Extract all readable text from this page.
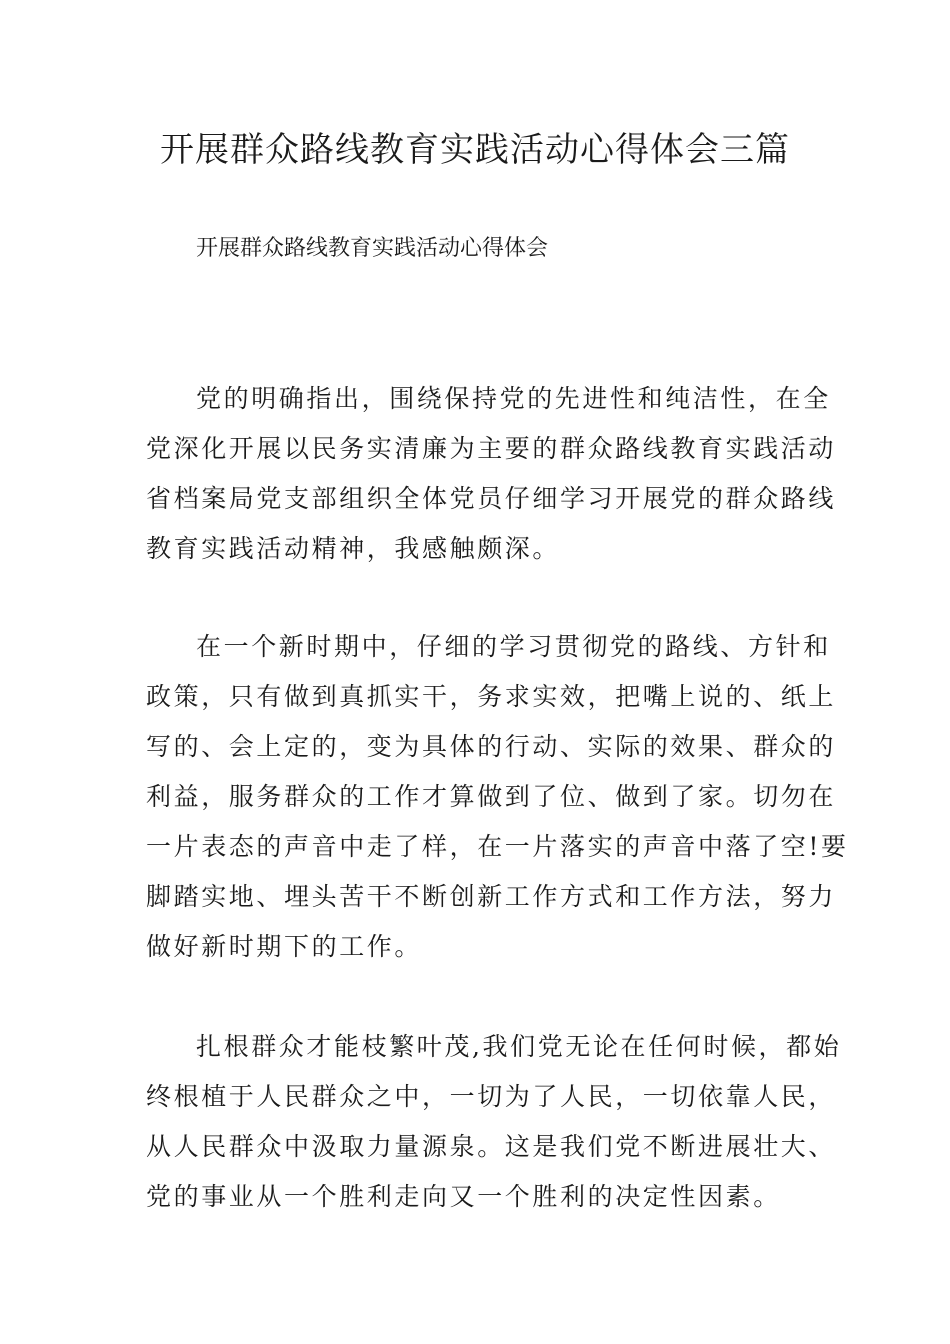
开展群众路线教育实践活动心得体会三篇

开展群众路线教育实践活动心得体会

党的明确指出，围绕保持党的先进性和纯洁性，在全
党深化开展以民务实清廉为主要的群众路线教育实践活动
省档案局党支部组织全体党员仔细学习开展党的群众路线
教育实践活动精神，我感触颇深。
在一个新时期中，仔细的学习贯彻党的路线、方针和
政策，只有做到真抓实干，务求实效，把嘴上说的、纸上
写的、会上定的，变为具体的行动、实际的效果、群众的
利益，服务群众的工作才算做到了位、做到了家。切勿在
一片表态的声音中走了样，在一片落实的声音中落了空!要
脚踏实地、埋头苦干不断创新工作方式和工作方法，努力
做好新时期下的工作。
扎根群众才能枝繁叶茂,我们党无论在任何时候，都始
终根植于人民群众之中，一切为了人民，一切依靠人民，
从人民群众中汲取力量源泉。这是我们党不断进展壮大、
党的事业从一个胜利走向又一个胜利的决定性因素。
